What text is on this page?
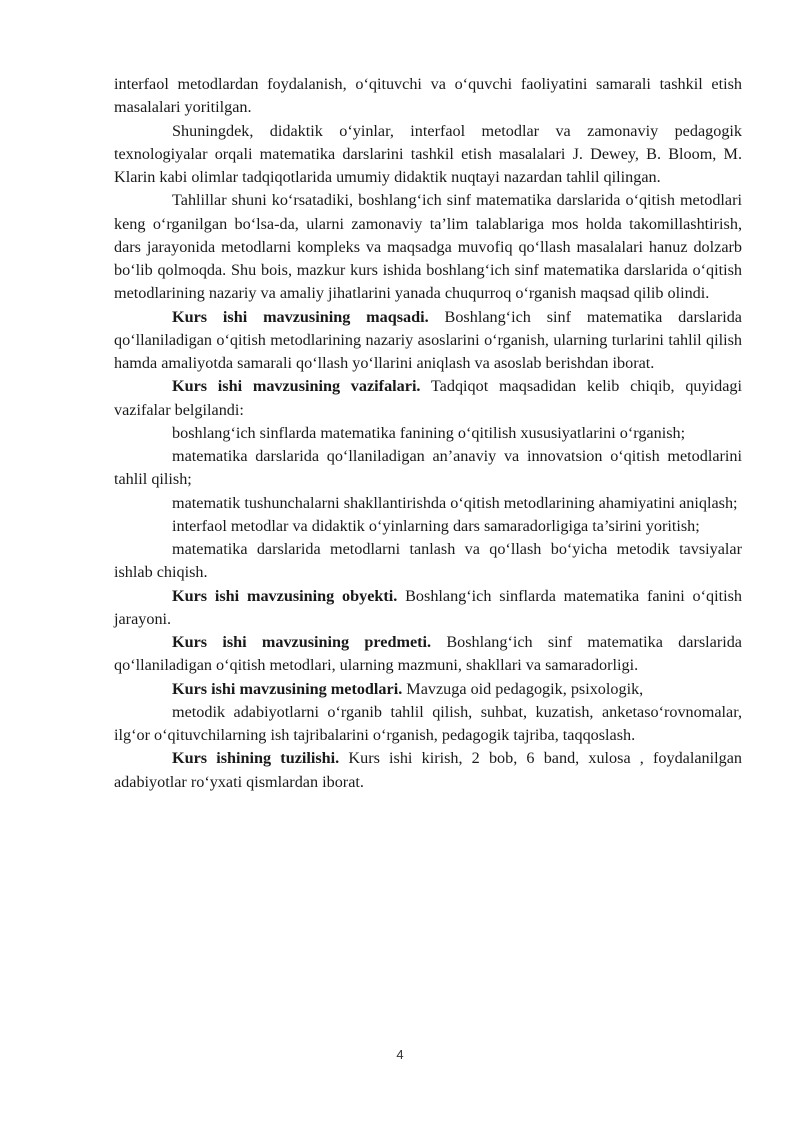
interfaol metodlardan foydalanish, o‘qituvchi va o‘quvchi faoliyatini samarali tashkil etish masalalari yoritilgan.

Shuningdek, didaktik o‘yinlar, interfaol metodlar va zamonaviy pedagogik texnologiyalar orqali matematika darslarini tashkil etish masalalari J. Dewey, B. Bloom, M. Klarin kabi olimlar tadqiqotlarida umumiy didaktik nuqtayi nazardan tahlil qilingan.

Tahlillar shuni ko‘rsatadiki, boshlang‘ich sinf matematika darslarida o‘qitish metodlari keng o‘rganilgan bo‘lsa-da, ularni zamonaviy ta’lim talablariga mos holda takomillashtirish, dars jarayonida metodlarni kompleks va maqsadga muvofiq qo‘llash masalalari hanuz dolzarb bo‘lib qolmoqda. Shu bois, mazkur kurs ishida boshlang‘ich sinf matematika darslarida o‘qitish metodlarining nazariy va amaliy jihatlarini yanada chuqurroq o‘rganish maqsad qilib olindi.

Kurs ishi mavzusining maqsadi. Boshlang‘ich sinf matematika darslarida qo‘llaniladigan o‘qitish metodlarining nazariy asoslarini o‘rganish, ularning turlarini tahlil qilish hamda amaliyotda samarali qo‘llash yo‘llarini aniqlash va asoslab berishdan iborat.

Kurs ishi mavzusining vazifalari. Tadqiqot maqsadidan kelib chiqib, quyidagi vazifalar belgilandi:

boshlang‘ich sinflarda matematika fanining o‘qitilish xususiyatlarini o‘rganish;

matematika darslarida qo‘llaniladigan an’anaviy va innovatsion o‘qitish metodlarini tahlil qilish;

matematik tushunchalarni shakllantirishda o‘qitish metodlarining ahamiyatini aniqlash;

interfaol metodlar va didaktik o‘yinlarning dars samaradorligiga ta’sirini yoritish;

matematika darslarida metodlarni tanlash va qo‘llash bo‘yicha metodik tavsiyalar ishlab chiqish.

Kurs ishi mavzusining obyekti. Boshlang‘ich sinflarda matematika fanini o‘qitish jarayoni.

Kurs ishi mavzusining predmeti. Boshlang‘ich sinf matematika darslarida qo‘llaniladigan o‘qitish metodlari, ularning mazmuni, shakllari va samaradorligi.

Kurs ishi mavzusining metodlari. Mavzuga oid pedagogik, psixologik,

metodik adabiyotlarni o‘rganib tahlil qilish, suhbat, kuzatish, anketaso‘rovnomalar, ilg‘or o‘qituvchilarning ish tajribalarini o‘rganish, pedagogik tajriba, taqqoslash.

Kurs ishining tuzilishi. Kurs ishi kirish, 2 bob, 6 band, xulosa , foydalanilgan adabiyotlar ro‘yxati qismlardan iborat.

4
